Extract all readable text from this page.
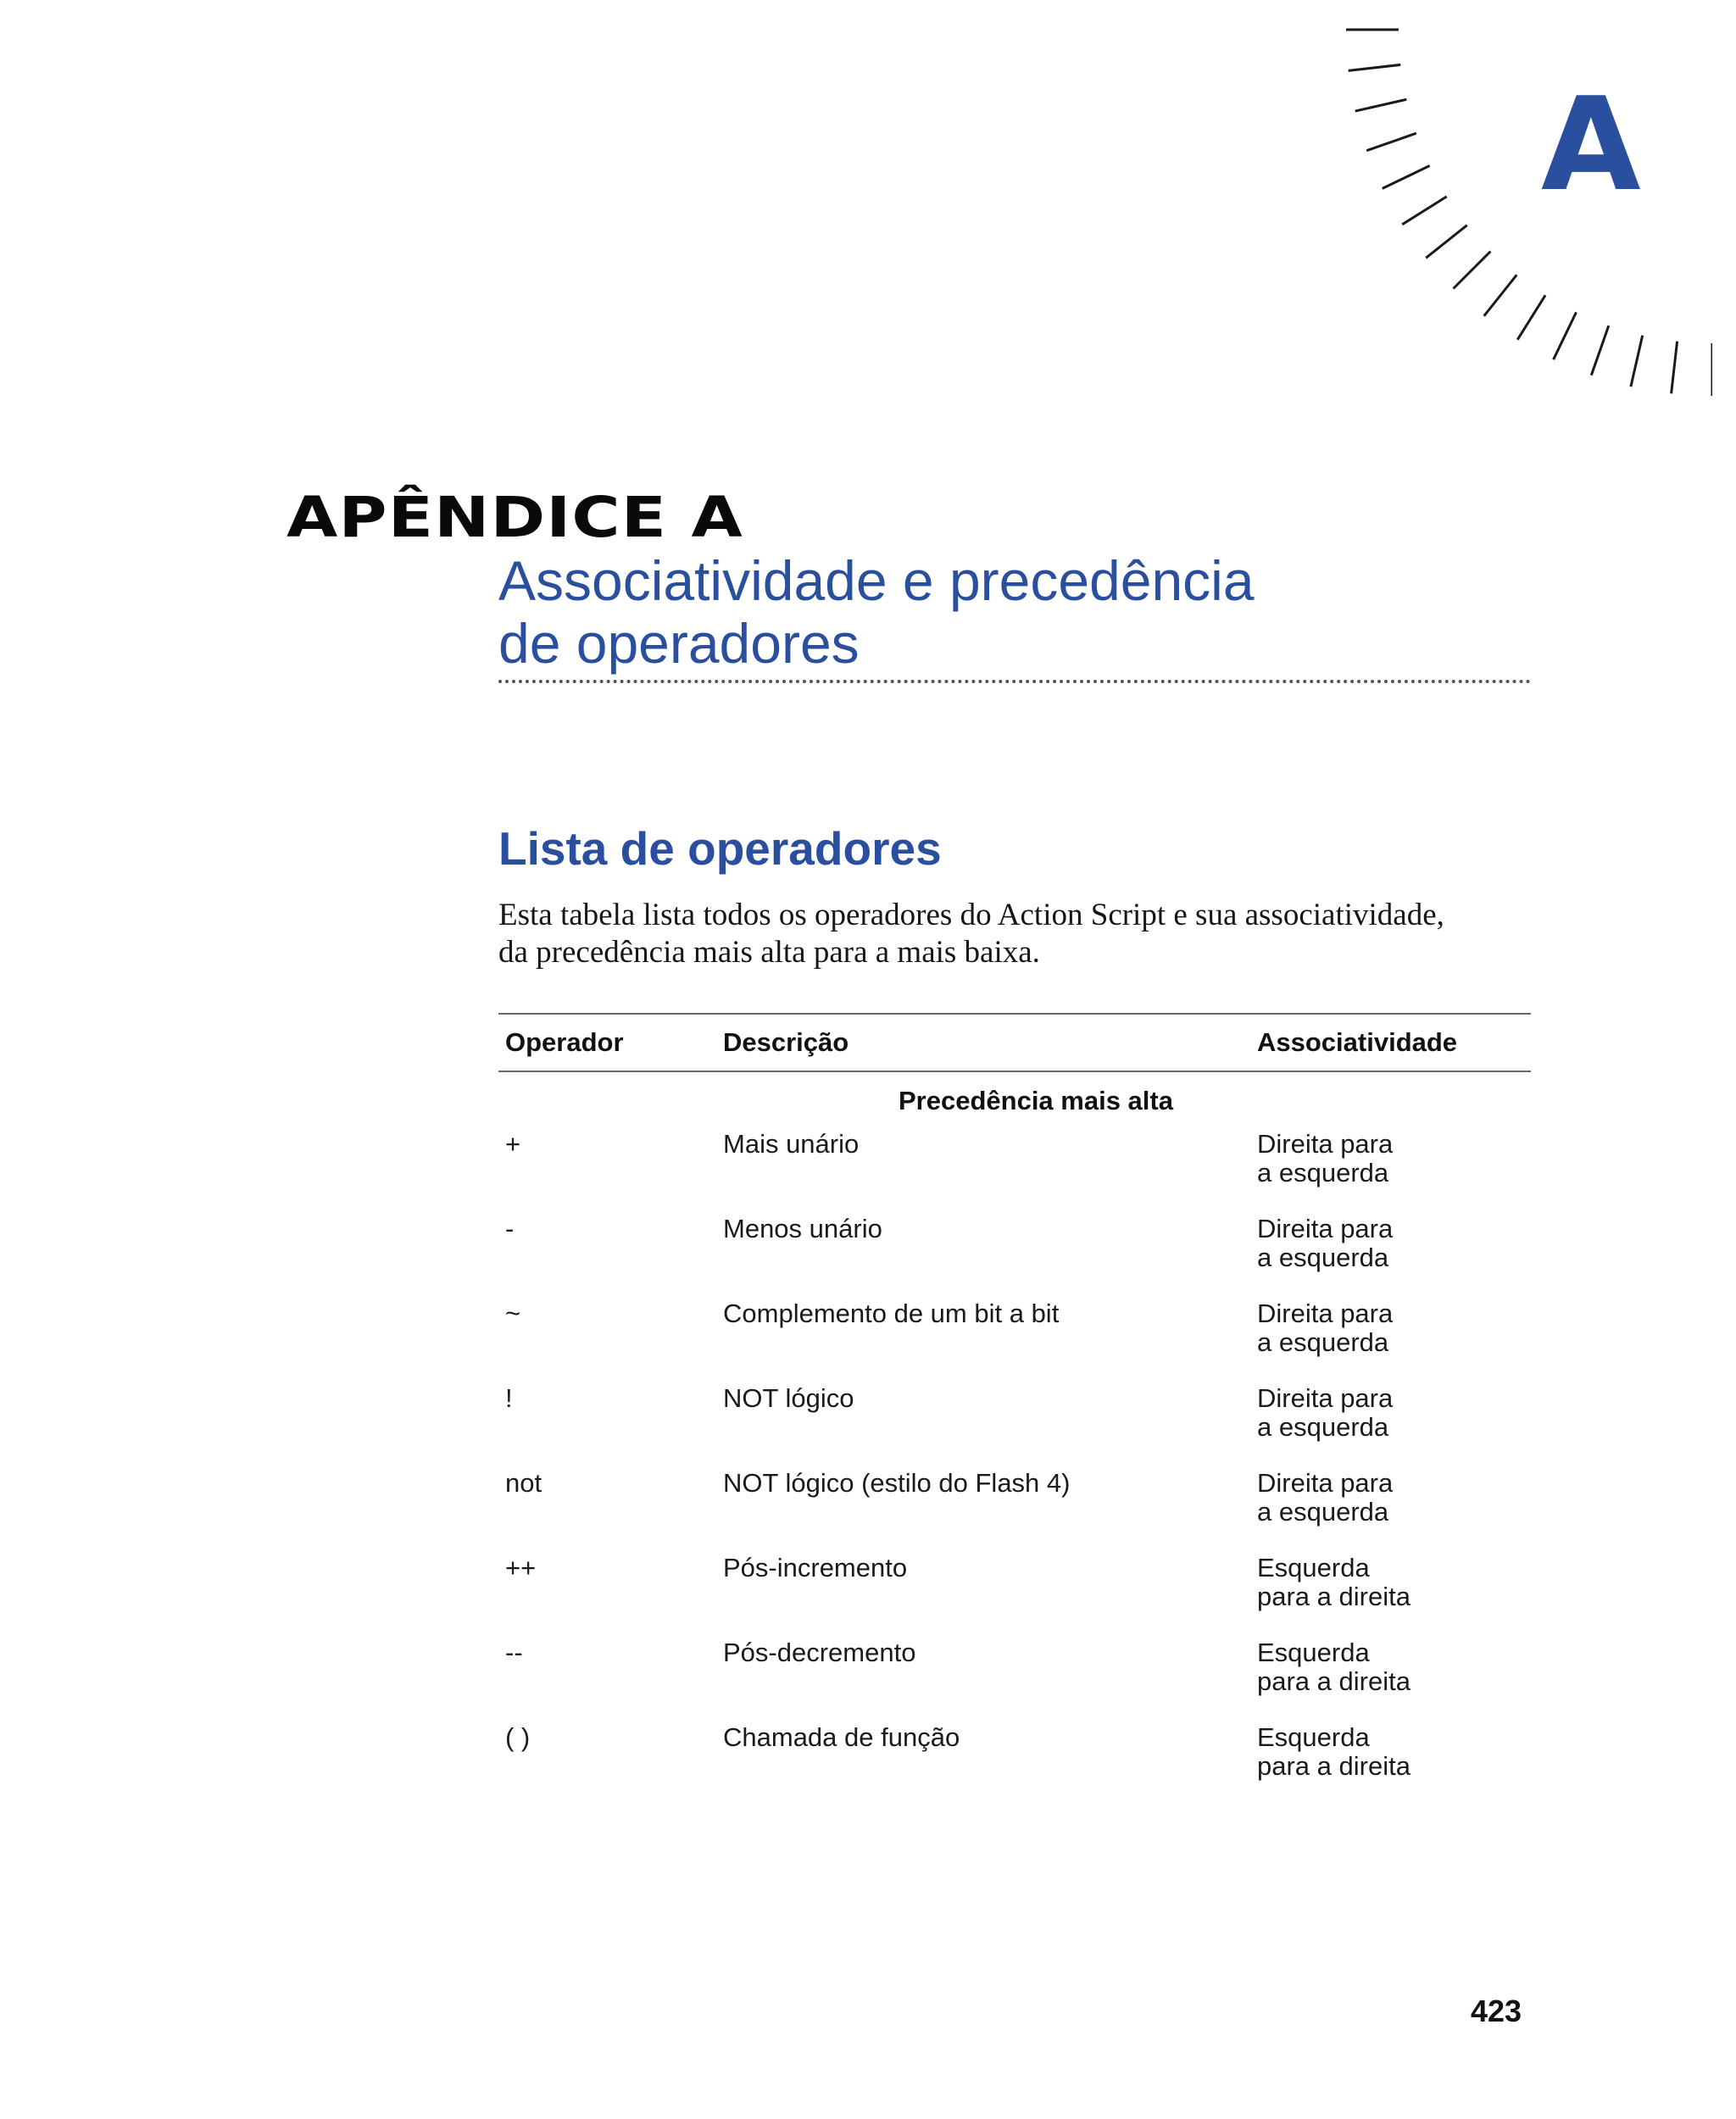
A
APÊNDICE A
Associatividade e precedência
de operadores
Lista de operadores
Esta tabela lista todos os operadores do Action Script e sua associatividade,
da precedência mais alta para a mais baixa.
Operador	Descrição	Associatividade
Precedência mais alta
+	Mais unário	Direita para
a esquerda
-	Menos unário	Direita para
a esquerda
~	Complemento de um bit a bit	Direita para
a esquerda
!	NOT lógico	Direita para
a esquerda
not	NOT lógico (estilo do Flash 4)	Direita para
a esquerda
++	Pós-incremento	Esquerda
para a direita
--	Pós-decremento	Esquerda
para a direita
( )	Chamada de função	Esquerda
para a direita
423
